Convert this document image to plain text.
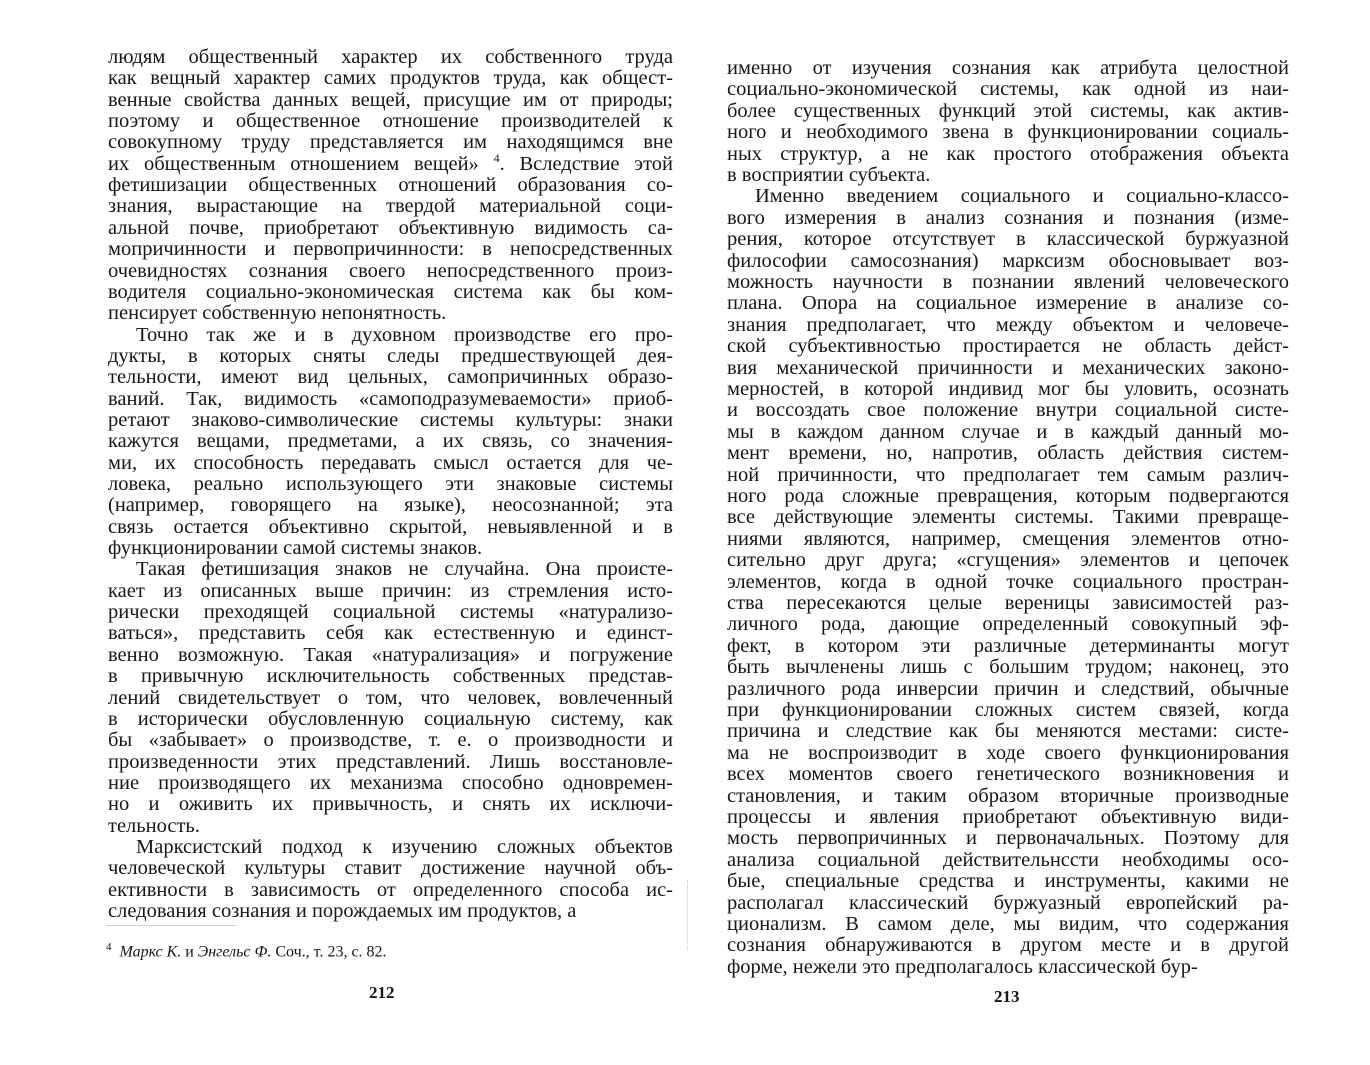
людям общественный характер их собственного труда
как вещный характер самих продуктов труда, как общест-
венные свойства данных вещей, присущие им от природы;
поэтому и общественное отношение производителей к
совокупному труду представляется им находящимся вне
их общественным отношением вещей» $^4$. Вследствие этой
фетишизации общественных отношений образования со-
знания, вырастающие на твердой материальной соци-
альной почве, приобретают объективную видимость са-
мопричинности и первопричинности: в непосредственных
очевидностях сознания своего непосредственного произ-
водителя социально-экономическая система как бы ком-
пенсирует собственную непонятность.
Точно так же и в духовном производстве его про-
дукты, в которых сняты следы предшествующей дея-
тельности, имеют вид цельных, самопричинных образо-
ваний. Так, видимость «самоподразумеваемости» приоб-
ретают знаково-символические системы культуры: знаки
кажутся вещами, предметами, а их связь, со значения-
ми, их способность передавать смысл остается для че-
ловека, реально использующего эти знаковые системы
(например, говорящего на языке), неосознанной; эта
связь остается объективно скрытой, невыявленной и в
функционировании самой системы знаков.
Такая фетишизация знаков не случайна. Она происте-
кает из описанных выше причин: из стремления исто-
рически преходящей социальной системы «натурализо-
ваться», представить себя как естественную и единст-
венно возможную. Такая «натурализация» и погружение
в привычную исключительность собственных представ-
лений свидетельствует о том, что человек, вовлеченный
в исторически обусловленную социальную систему, как
бы «забывает» о производстве, т. е. о производности и
произведенности этих представлений. Лишь восстановле-
ние производящего их механизма способно одновремен-
но и оживить их привычность, и снять их исключи-
тельность.
Марксистский подход к изучению сложных объектов
человеческой культуры ставит достижение научной объ-
ективности в зависимость от определенного способа ис-
следования сознания и порождаемых им продуктов, а
именно от изучения сознания как атрибута целостной
социально-экономической системы, как одной из наи-
более существенных функций этой системы, как актив-
ного и необходимого звена в функционировании социаль-
ных структур, а не как простого отображения объекта
в восприятии субъекта.
Именно введением социального и социально-классо-
вого измерения в анализ сознания и познания (изме-
рения, которое отсутствует в классической буржуазной
философии самосознания) марксизм обосновывает воз-
можность научности в познании явлений человеческого
плана. Опора на социальное измерение в анализе со-
знания предполагает, что между объектом и человече-
ской субъективностью простирается не область дейст-
вия механической причинности и механических законо-
мерностей, в которой индивид мог бы уловить, осознать
и воссоздать свое положение внутри социальной систе-
мы в каждом данном случае и в каждый данный мо-
мент времени, но, напротив, область действия систем-
ной причинности, что предполагает тем самым различ-
ного рода сложные превращения, которым подвергаются
все действующие элементы системы. Такими превраще-
ниями являются, например, смещения элементов отно-
сительно друг друга; «сгущения» элементов и цепочек
элементов, когда в одной точке социального простран-
ства пересекаются целые вереницы зависимостей раз-
личного рода, дающие определенный совокупный эф-
фект, в котором эти различные детерминанты могут
быть вычленены лишь с большим трудом; наконец, это
различного рода инверсии причин и следствий, обычные
при функционировании сложных систем связей, когда
причина и следствие как бы меняются местами: систе-
ма не воспроизводит в ходе своего функционирования
всех моментов своего генетического возникновения и
становления, и таким образом вторичные производные
процессы и явления приобретают объективную види-
мость первопричинных и первоначальных. Поэтому для
анализа социальной действительнсcти необходимы осо-
бые, специальные средства и инструменты, какими не
располагал классический буржуазный европейский ра-
ционализм. В самом деле, мы видим, что содержания
сознания обнаруживаются в другом месте и в другой
форме, нежели это предполагалось классической бур-
$^4$ Маркс К. и Энгельс Ф. Соч., т. 23, с. 82.
212	213
